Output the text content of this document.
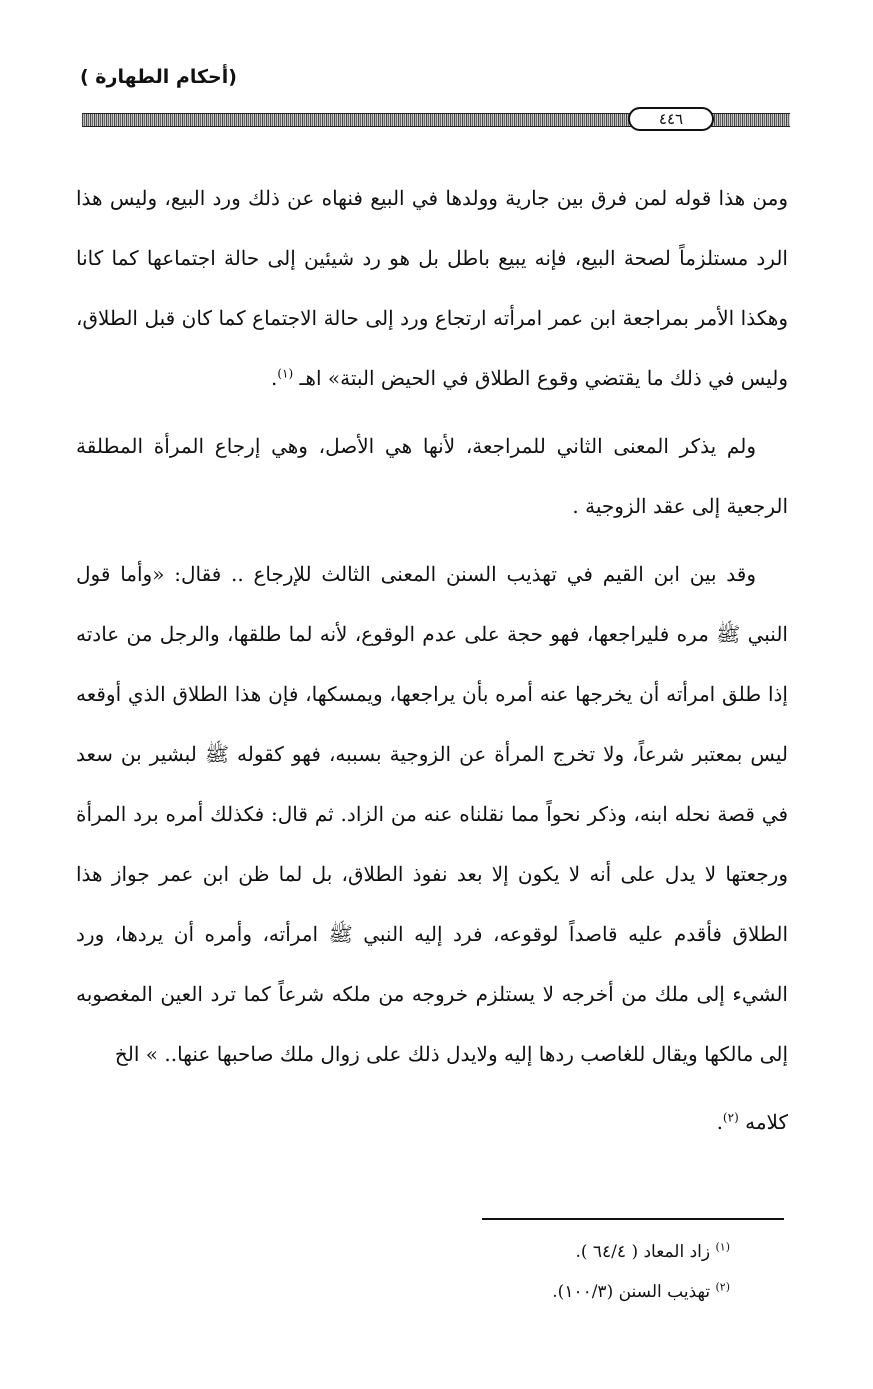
(أحكام الطهارة )
٤٤٦

ومن هذا قوله لمن فرق بين جارية وولدها في البيع فنهاه عن ذلك ورد البيع، وليس هذا الرد مستلزماً لصحة البيع، فإنه يبيع باطل بل هو رد شيئين إلى حالة اجتماعها كما كانا وهكذا الأمر بمراجعة ابن عمر امرأته ارتجاع ورد إلى حالة الاجتماع كما كان قبل الطلاق، وليس في ذلك ما يقتضي وقوع الطلاق في الحيض البتة» اهـ $^{(١)}$.

ولم يذكر المعنى الثاني للمراجعة، لأنها هي الأصل، وهي إرجاع المرأة المطلقة الرجعية إلى عقد الزوجية .

وقد بين ابن القيم في تهذيب السنن المعنى الثالث للإرجاع .. فقال: «وأما قول النبي ﷺ مره فليراجعها، فهو حجة على عدم الوقوع، لأنه لما طلقها، والرجل من عادته إذا طلق امرأته أن يخرجها عنه أمره بأن يراجعها، ويمسكها، فإن هذا الطلاق الذي أوقعه ليس بمعتبر شرعاً، ولا تخرج المرأة عن الزوجية بسببه، فهو كقوله ﷺ لبشير بن سعد في قصة نحله ابنه، وذكر نحواً مما نقلناه عنه من الزاد. ثم قال: فكذلك أمره برد المرأة ورجعتها لا يدل على أنه لا يكون إلا بعد نفوذ الطلاق، بل لما ظن ابن عمر جواز هذا الطلاق فأقدم عليه قاصداً لوقوعه، فرد إليه النبي ﷺ امرأته، وأمره أن يردها، ورد الشيء إلى ملك من أخرجه لا يستلزم خروجه من ملكه شرعاً كما ترد العين المغصوبه إلى مالكها ويقال للغاصب ردها إليه ولايدل ذلك على زوال ملك صاحبها عنها.. » الخ

كلامه $^{(٢)}$.

$^{(١)}$ زاد المعاد ( ٦٤/٤ ).
$^{(٢)}$ تهذيب السنن (١٠٠/٣).
